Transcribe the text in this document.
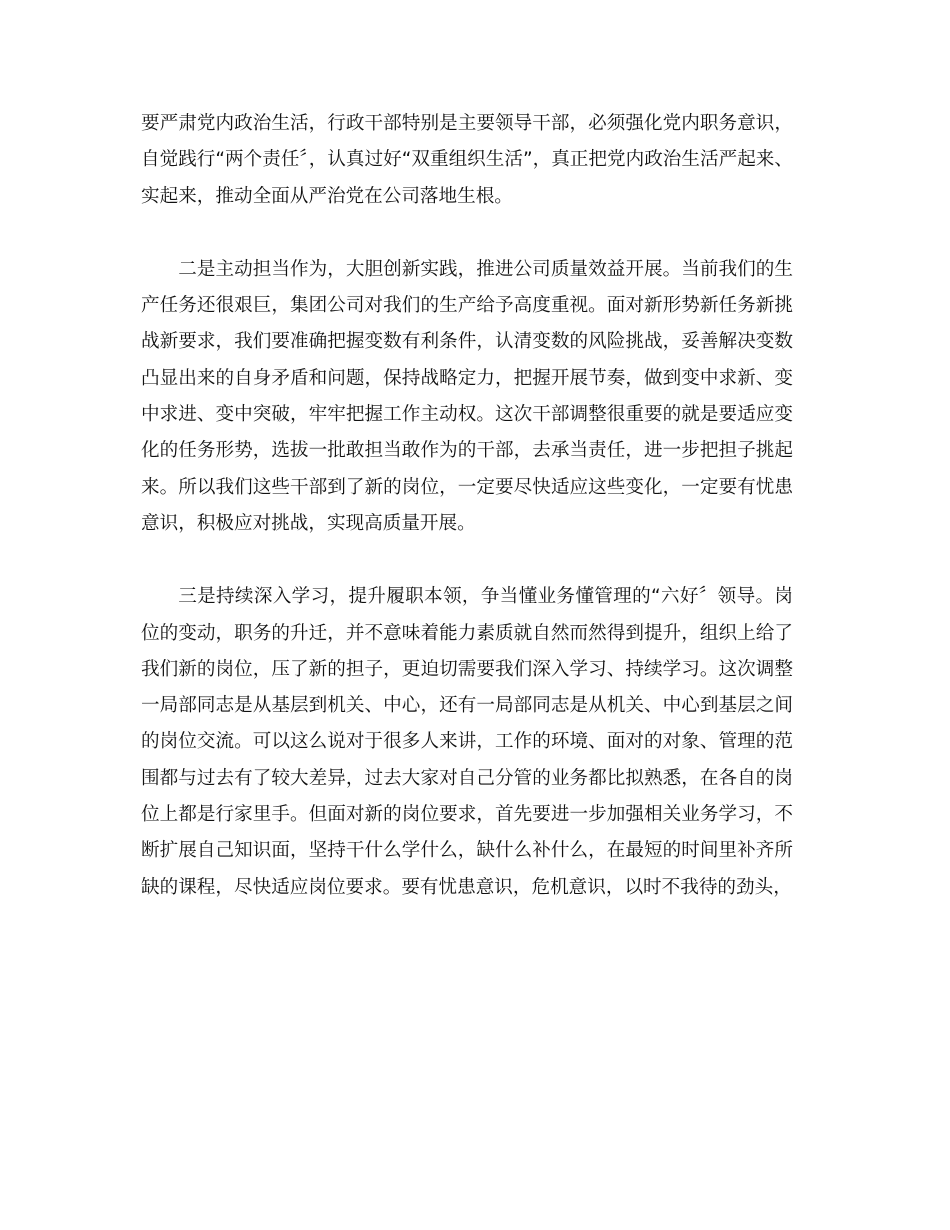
要严肃党内政治生活，行政干部特别是主要领导干部，必须强化党内职务意识，自觉践行“两个责任〞，认真过好“双重组织生活”，真正把党内政治生活严起来、实起来，推动全面从严治党在公司落地生根。

二是主动担当作为，大胆创新实践，推进公司质量效益开展。当前我们的生产任务还很艰巨，集团公司对我们的生产给予高度重视。面对新形势新任务新挑战新要求，我们要准确把握变数有利条件，认清变数的风险挑战，妥善解决变数凸显出来的自身矛盾和问题，保持战略定力，把握开展节奏，做到变中求新、变中求进、变中突破，牢牢把握工作主动权。这次干部调整很重要的就是要适应变化的任务形势，选拔一批敢担当敢作为的干部，去承当责任，进一步把担子挑起来。所以我们这些干部到了新的岗位，一定要尽快适应这些变化，一定要有忧患意识，积极应对挑战，实现高质量开展。

三是持续深入学习，提升履职本领，争当懂业务懂管理的“六好〞领导。岗位的变动，职务的升迁，并不意味着能力素质就自然而然得到提升，组织上给了我们新的岗位，压了新的担子，更迫切需要我们深入学习、持续学习。这次调整一局部同志是从基层到机关、中心，还有一局部同志是从机关、中心到基层之间的岗位交流。可以这么说对于很多人来讲，工作的环境、面对的对象、管理的范围都与过去有了较大差异，过去大家对自己分管的业务都比拟熟悉，在各自的岗位上都是行家里手。但面对新的岗位要求，首先要进一步加强相关业务学习，不断扩展自己知识面，坚持干什么学什么，缺什么补什么，在最短的时间里补齐所缺的课程，尽快适应岗位要求。要有忧患意识，危机意识，以时不我待的劲头，
